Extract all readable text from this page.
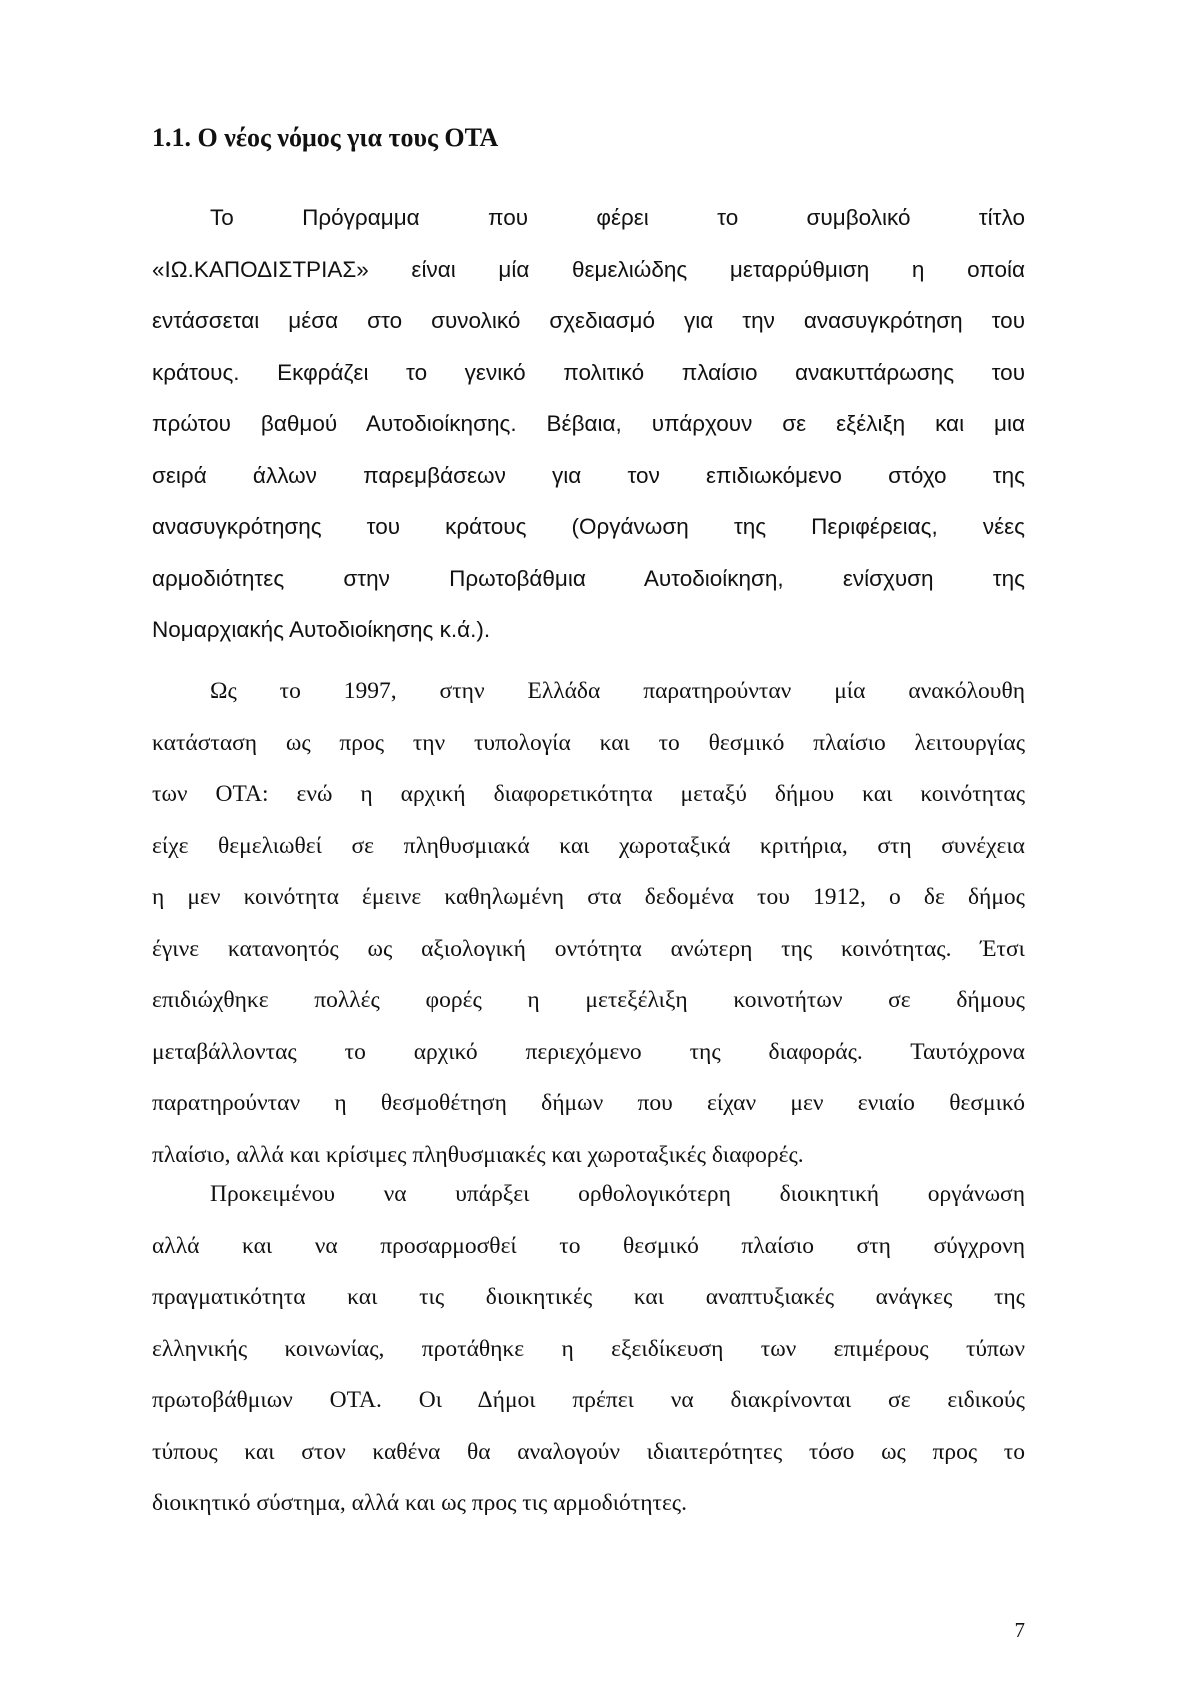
1.1. Ο νέος νόμος για τους ΟΤΑ
Το Πρόγραμμα που φέρει το συμβολικό τίτλο
«ΙΩ.ΚΑΠΟΔΙΣΤΡΙΑΣ» είναι μία θεμελιώδης μεταρρύθμιση η οποία
εντάσσεται μέσα στο συνολικό σχεδιασμό για την ανασυγκρότηση του
κράτους. Εκφράζει το γενικό πολιτικό πλαίσιο ανακυττάρωσης του
πρώτου βαθμού Αυτοδιοίκησης. Βέβαια, υπάρχουν σε εξέλιξη και μια
σειρά άλλων παρεμβάσεων για τον επιδιωκόμενο στόχο της
ανασυγκρότησης του κράτους (Οργάνωση της Περιφέρειας, νέες
αρμοδιότητες στην Πρωτοβάθμια Αυτοδιοίκηση, ενίσχυση της
Νομαρχιακής Αυτοδιοίκησης κ.ά.).
Ως το 1997, στην Ελλάδα παρατηρούνταν μία ανακόλουθη
κατάσταση ως προς την τυπολογία και το θεσμικό πλαίσιο λειτουργίας
των ΟΤΑ: ενώ η αρχική διαφορετικότητα μεταξύ δήμου και κοινότητας
είχε θεμελιωθεί σε πληθυσμιακά και χωροταξικά κριτήρια, στη συνέχεια
η μεν κοινότητα έμεινε καθηλωμένη στα δεδομένα του 1912, ο δε δήμος
έγινε κατανοητός ως αξιολογική οντότητα ανώτερη της κοινότητας. Έτσι
επιδιώχθηκε πολλές φορές η μετεξέλιξη κοινοτήτων σε δήμους
μεταβάλλοντας το αρχικό περιεχόμενο της διαφοράς. Ταυτόχρονα
παρατηρούνταν η θεσμοθέτηση δήμων που είχαν μεν ενιαίο θεσμικό
πλαίσιο, αλλά και κρίσιμες πληθυσμιακές και χωροταξικές διαφορές.
Προκειμένου να υπάρξει ορθολογικότερη διοικητική οργάνωση
αλλά και να προσαρμοσθεί το θεσμικό πλαίσιο στη σύγχρονη
πραγματικότητα και τις διοικητικές και αναπτυξιακές ανάγκες της
ελληνικής κοινωνίας, προτάθηκε η εξειδίκευση των επιμέρους τύπων
πρωτοβάθμιων ΟΤΑ. Οι Δήμοι πρέπει να διακρίνονται σε ειδικούς
τύπους και στον καθένα θα αναλογούν ιδιαιτερότητες τόσο ως προς το
διοικητικό σύστημα, αλλά και ως προς τις αρμοδιότητες.
7
